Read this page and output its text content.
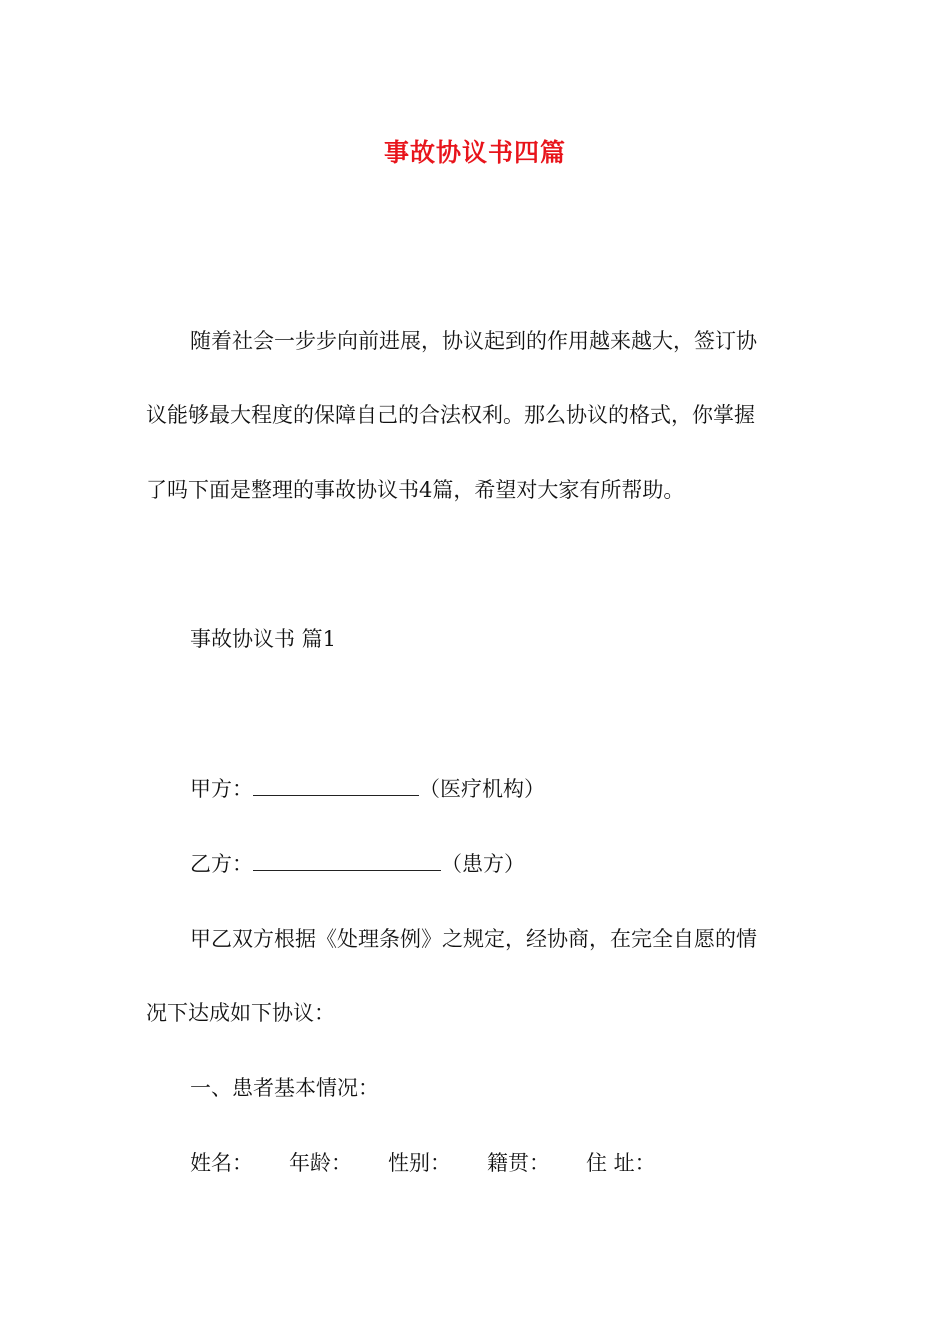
事故协议书四篇
随着社会一步步向前进展，协议起到的作用越来越大，签订协
议能够最大程度的保障自己的合法权利。那么协议的格式，你掌握
了吗下面是整理的事故协议书4篇，希望对大家有所帮助。
事故协议书 篇1
甲方：	（医疗机构）
乙方：	（患方）
甲乙双方根据《处理条例》之规定，经协商，在完全自愿的情
况下达成如下协议：
一、患者基本情况：
姓名： 年龄： 性别： 籍贯： 住 址：
